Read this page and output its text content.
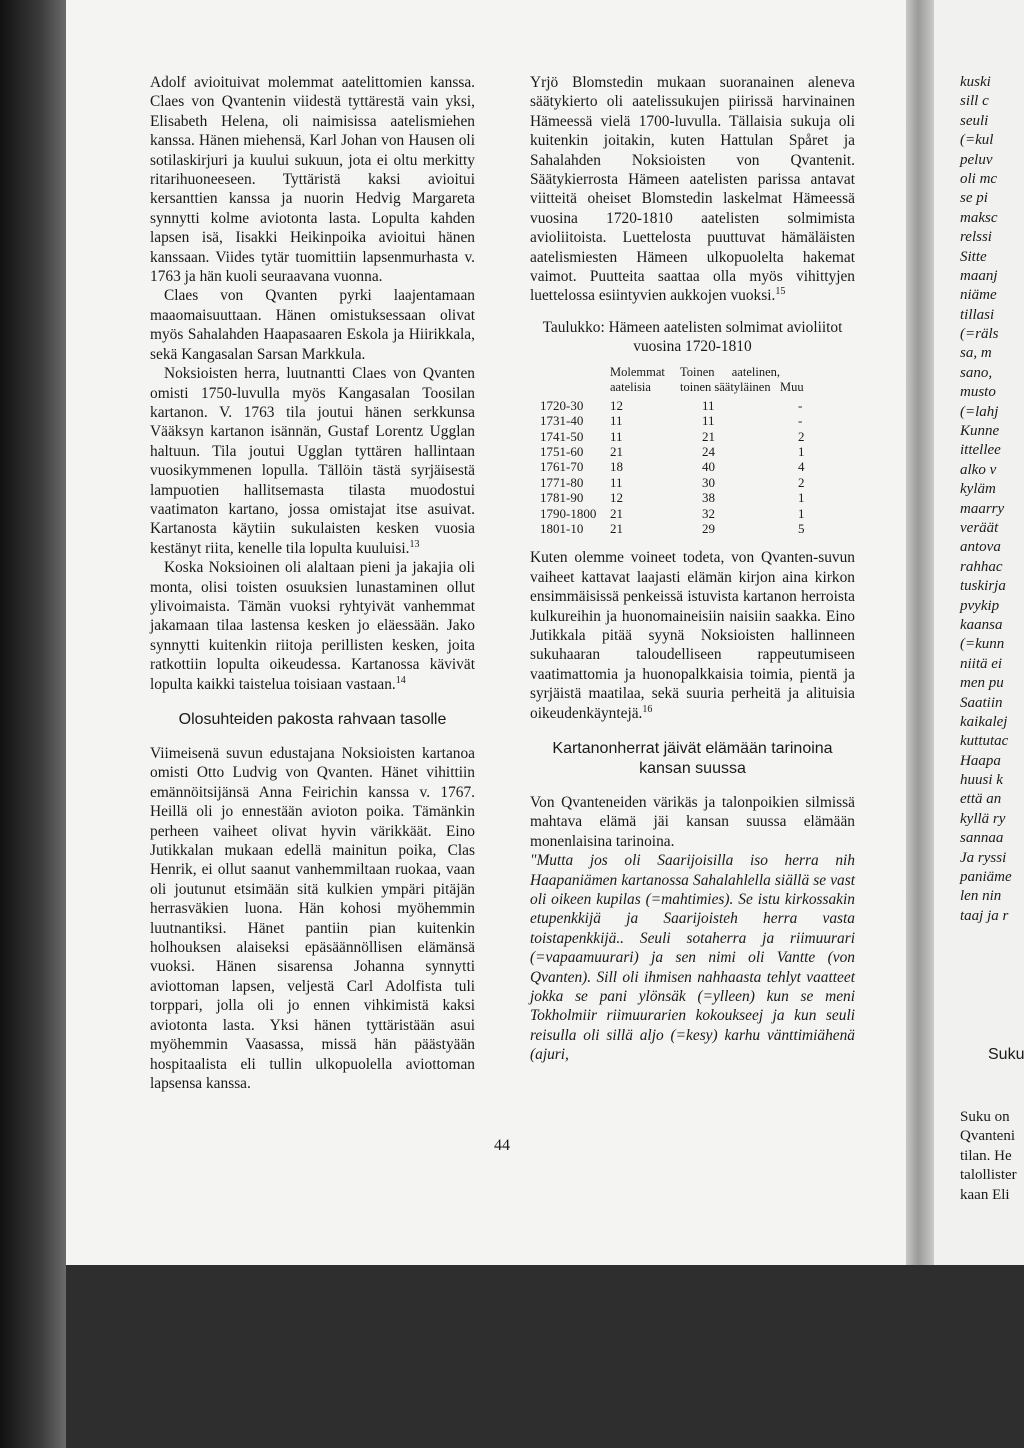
Adolf avioituivat molemmat aatelittomien kanssa. Claes von Qvantenin viidestä tyttärestä vain yksi, Elisabeth Helena, oli naimisissa aatelismiehen kanssa. Hänen miehensä, Karl Johan von Hausen oli sotilaskirjuri ja kuului sukuun, jota ei oltu merkitty ritarihuoneeseen. Tyttäristä kaksi avioitui kersanttien kanssa ja nuorin Hedvig Margareta synnytti kolme aviotonta lasta. Lopulta kahden lapsen isä, Iisakki Heikinpoika avioitui hänen kanssaan. Viides tytär tuomittiin lapsenmurhasta v. 1763 ja hän kuoli seuraavana vuonna.

Claes von Qvanten pyrki laajentamaan maaomaisuuttaan. Hänen omistuksessaan olivat myös Sahalahden Haapasaaren Eskola ja Hiirikkala, sekä Kangasalan Sarsan Markkula.

Noksioisten herra, luutnantti Claes von Qvanten omisti 1750-luvulla myös Kangasalan Toosilan kartanon. V. 1763 tila joutui hänen serkkunsa Vääksyn kartanon isännän, Gustaf Lorentz Ugglan haltuun. Tila joutui Ugglan tyttären hallintaan vuosikymmenen lopulla. Tällöin tästä syrjäisestä lampuotien hallitsemasta tilasta muodostui vaatimaton kartano, jossa omistajat itse asuivat. Kartanosta käytiin sukulaisten kesken vuosia kestänyt riita, kenelle tila lopulta kuuluisi.$^{13}$

Koska Noksioinen oli alaltaan pieni ja jakajia oli monta, olisi toisten osuuksien lunastaminen ollut ylivoimaista. Tämän vuoksi ryhtyivät vanhemmat jakamaan tilaa lastensa kesken jo eläessään. Jako synnytti kuitenkin riitoja perillisten kesken, joita ratkottiin lopulta oikeudessa. Kartanossa kävivät lopulta kaikki taistelua toisiaan vastaan.$^{14}$

Olosuhteiden pakosta rahvaan tasolle

Viimeisenä suvun edustajana Noksioisten kartanoa omisti Otto Ludvig von Qvanten. Hänet vihittiin emännöitsijänsä Anna Feirichin kanssa v. 1767. Heillä oli jo ennestään avioton poika. Tämänkin perheen vaiheet olivat hyvin värikkäät. Eino Jutikkalan mukaan edellä mainitun poika, Clas Henrik, ei ollut saanut vanhemmiltaan ruokaa, vaan oli joutunut etsimään sitä kulkien ympäri pitäjän herrasväkien luona. Hän kohosi myöhemmin luutnantiksi. Hänet pantiin pian kuitenkin holhouksen alaiseksi epäsäännöllisen elämänsä vuoksi. Hänen sisarensa Johanna synnytti aviottoman lapsen, veljestä Carl Adolfista tuli torppari, jolla oli jo ennen vihkimistä kaksi aviotonta lasta. Yksi hänen tyttäristään asui myöhemmin Vaasassa, missä hän päästyään hospitaalista eli tullin ulkopuolella aviottoman lapsensa kanssa.

Yrjö Blomstedin mukaan suoranainen aleneva säätykierto oli aatelissukujen piirissä harvinainen Hämeessä vielä 1700-luvulla. Tällaisia sukuja oli kuitenkin joitakin, kuten Hattulan Spåret ja Sahalahden Noksioisten von Qvantenit. Säätykierrosta Hämeen aatelisten parissa antavat viitteitä oheiset Blomstedin laskelmat Hämeessä vuosina 1720-1810 aatelisten solmimista avioliitoista. Luettelosta puuttuvat hämäläisten aatelismiesten Hämeen ulkopuolelta hakemat vaimot. Puutteita saattaa olla myös vihittyjen luettelossa esiintyvien aukkojen vuoksi.$^{15}$

Taulukko: Hämeen aatelisten solmimat avioliitot vuosina 1720-1810
	Molemmat aatelisia	Toinen aatelinen, toinen säätyläinen	Muu
1720-30	12	11	-
1731-40	11	11	-
1741-50	11	21	2
1751-60	21	24	1
1761-70	18	40	4
1771-80	11	30	2
1781-90	12	38	1
1790-1800	21	32	1
1801-10	21	29	5

Kuten olemme voineet todeta, von Qvanten-suvun vaiheet kattavat laajasti elämän kirjon aina kirkon ensimmäisissä penkeissä istuvista kartanon herroista kulkureihin ja huonomaineisiin naisiin saakka. Eino Jutikkala pitää syynä Noksioisten hallinneen sukuhaaran taloudelliseen rappeutumiseen vaatimattomia ja huonopalkkaisia toimia, pientä ja syrjäistä maatilaa, sekä suuria perheitä ja alituisia oikeudenkäyntejä.$^{16}$

Kartanonherrat jäivät elämään tarinoina kansan suussa

Von Qvanteneiden värikäs ja talonpoikien silmissä mahtava elämä jäi kansan suussa elämään monenlaisina tarinoina.

"Mutta jos oli Saarijoisilla iso herra nih Haapaniämen kartanossa Sahalahlella siällä se vast oli oikeen kupilas (=mahtimies). Se istu kirkossakin etupenkkijä ja Saarijoisteh herra vasta toistapenkkijä.. Seuli sotaherra ja riimuurari (=vapaamuurari) ja sen nimi oli Vantte (von Qvanten). Sill oli ihmisen nahhaasta tehlyt vaatteet jokka se pani ylönsäk (=ylleen) kun se meni Tokholmiir riimuurarien kokoukseej ja kun seuli reisulla oli sillä aljo (=kesy) karhu vänttimiähenä (ajuri,

44
kuski
sill c
seuli
(=kul
peluv
oli mc
se pi
maksc
relssi
Sitte
maanj
niäme
tillasi
(=räls
sa, m
sano,
musto
(=lahj
Kunne
ittellee
alko v
kyläm
maarry
veräät
antova
rahhac
tuskirja
pvykip
kaansa
(=kunn
niitä ei
men pu
Saatiin
kaikalej
kuttutac
Haapa
huusi k
että an
kyllä ry
sannaa
Ja ryssi
paniäme
len nin
taaj ja r
Suku
Suku on
Qvanteni
tilan. He
talollister
kaan Eli
